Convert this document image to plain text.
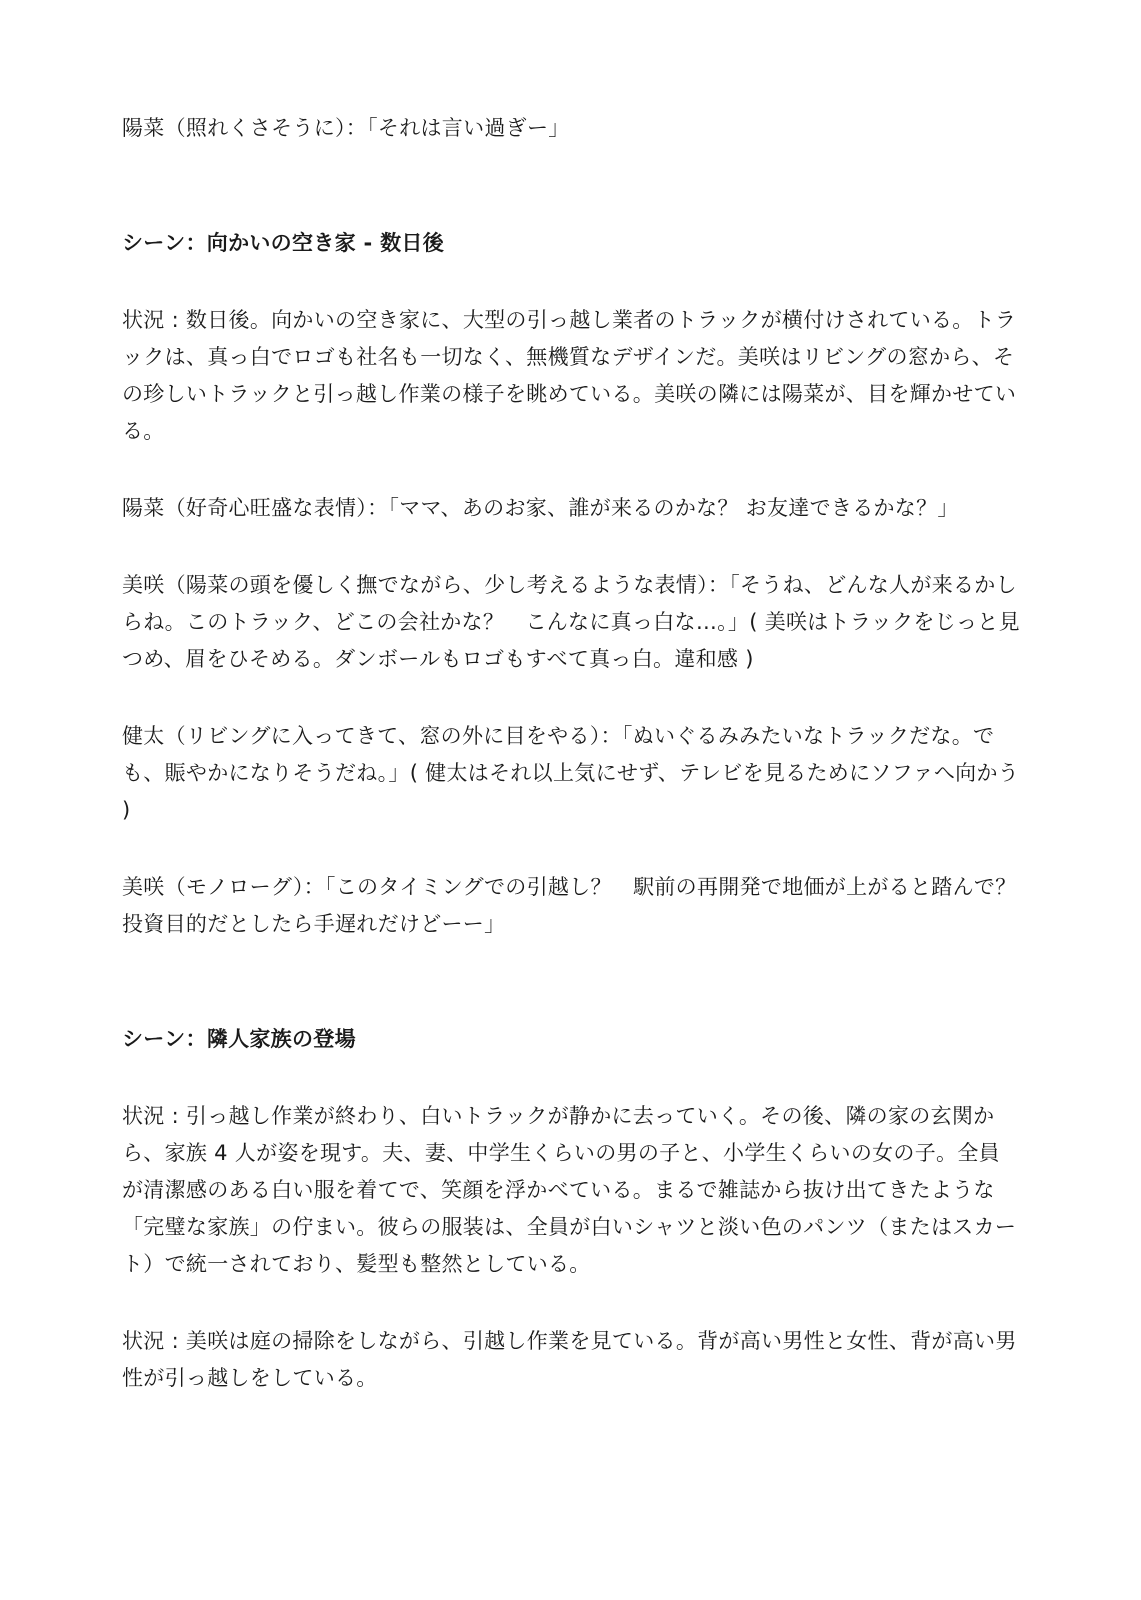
陽菜（照れくさそうに）：「それは言い過ぎー」

シーン：向かいの空き家 - 数日後

状況 : 数日後。向かいの空き家に、大型の引っ越し業者のトラックが横付けされている。トラックは、真っ白でロゴも社名も一切なく、無機質なデザインだ。美咲はリビングの窓から、その珍しいトラックと引っ越し作業の様子を眺めている。美咲の隣には陽菜が、目を輝かせている。

陽菜（好奇心旺盛な表情）：「ママ、あのお家、誰が来るのかな？ お友達できるかな？」

美咲（陽菜の頭を優しく撫でながら、少し考えるような表情）：「そうね、どんな人が来るかしらね。このトラック、どこの会社かな？　こんなに真っ白な…。」( 美咲はトラックをじっと見つめ、眉をひそめる。ダンボールもロゴもすべて真っ白。違和感 )

健太（リビングに入ってきて、窓の外に目をやる）：「ぬいぐるみみたいなトラックだな。でも、賑やかになりそうだね。」( 健太はそれ以上気にせず、テレビを見るためにソファへ向かう )

美咲（モノローグ）：「このタイミングでの引越し？　駅前の再開発で地価が上がると踏んで？　投資目的だとしたら手遅れだけどーー」

シーン：隣人家族の登場

状況 : 引っ越し作業が終わり、白いトラックが静かに去っていく。その後、隣の家の玄関から、家族 4 人が姿を現す。夫、妻、中学生くらいの男の子と、小学生くらいの女の子。全員が清潔感のある白い服を着てで、笑顔を浮かべている。まるで雑誌から抜け出てきたような「完璧な家族」の佇まい。彼らの服装は、全員が白いシャツと淡い色のパンツ（またはスカート）で統一されており、髪型も整然としている。

状況 : 美咲は庭の掃除をしながら、引越し作業を見ている。背が高い男性と女性、背が高い男性が引っ越しをしている。
